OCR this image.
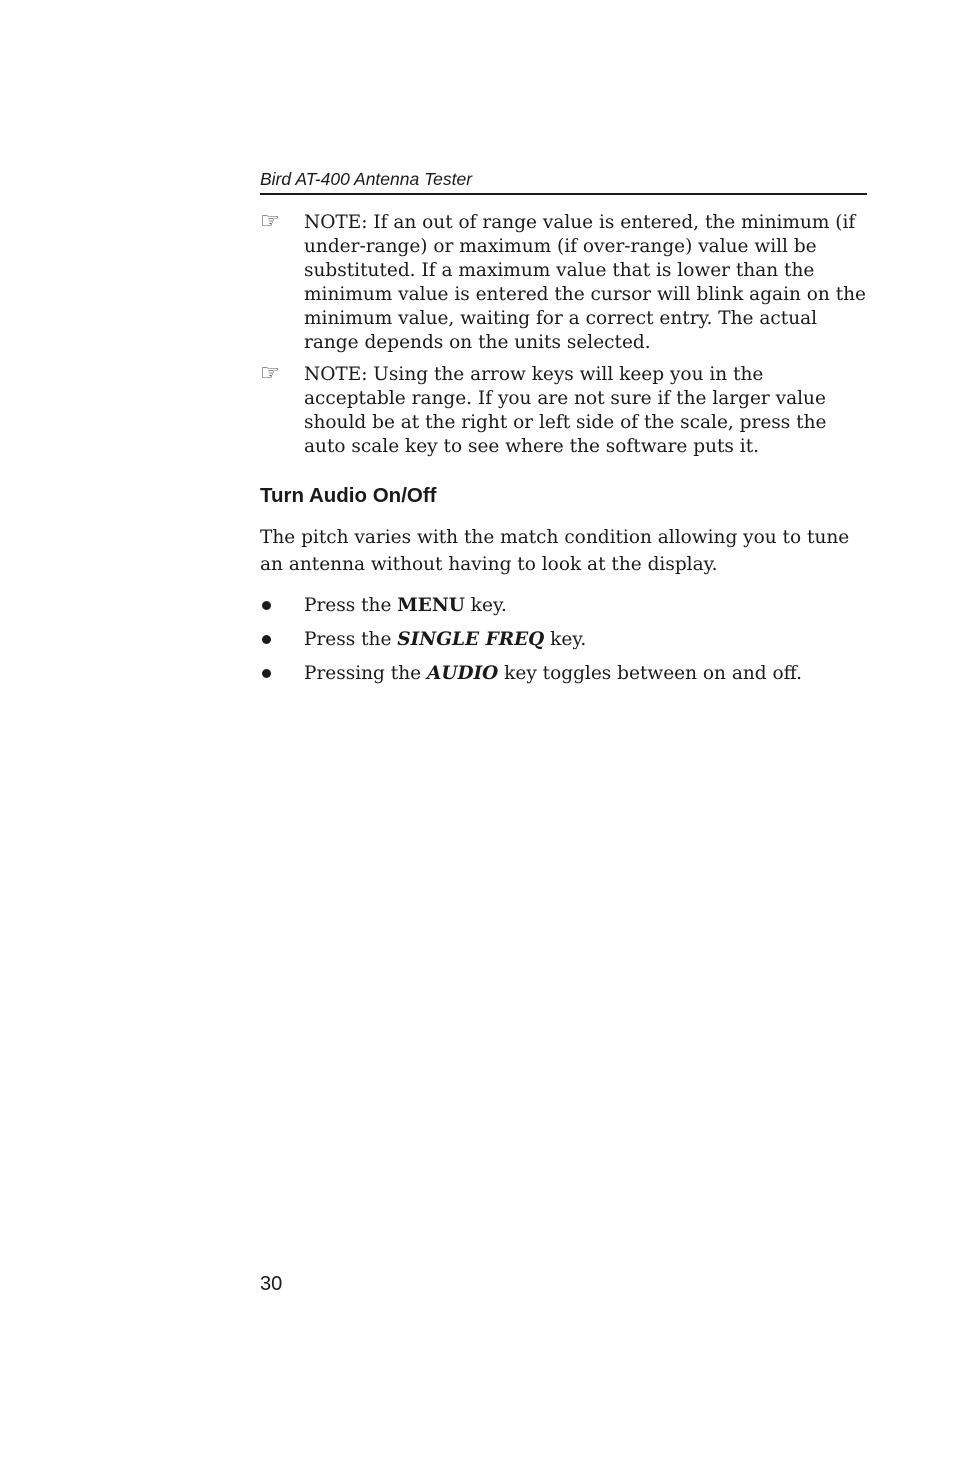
Bird AT-400 Antenna Tester
☞ NOTE: If an out of range value is entered, the minimum (if under-range) or maximum (if over-range) value will be substituted. If a maximum value that is lower than the minimum value is entered the cursor will blink again on the minimum value, waiting for a correct entry. The actual range depends on the units selected.
☞ NOTE: Using the arrow keys will keep you in the acceptable range. If you are not sure if the larger value should be at the right or left side of the scale, press the auto scale key to see where the software puts it.
Turn Audio On/Off

The pitch varies with the match condition allowing you to tune an antenna without having to look at the display.

Press the MENU key.
Press the SINGLE FREQ key.
Pressing the AUDIO key toggles between on and off.
30
